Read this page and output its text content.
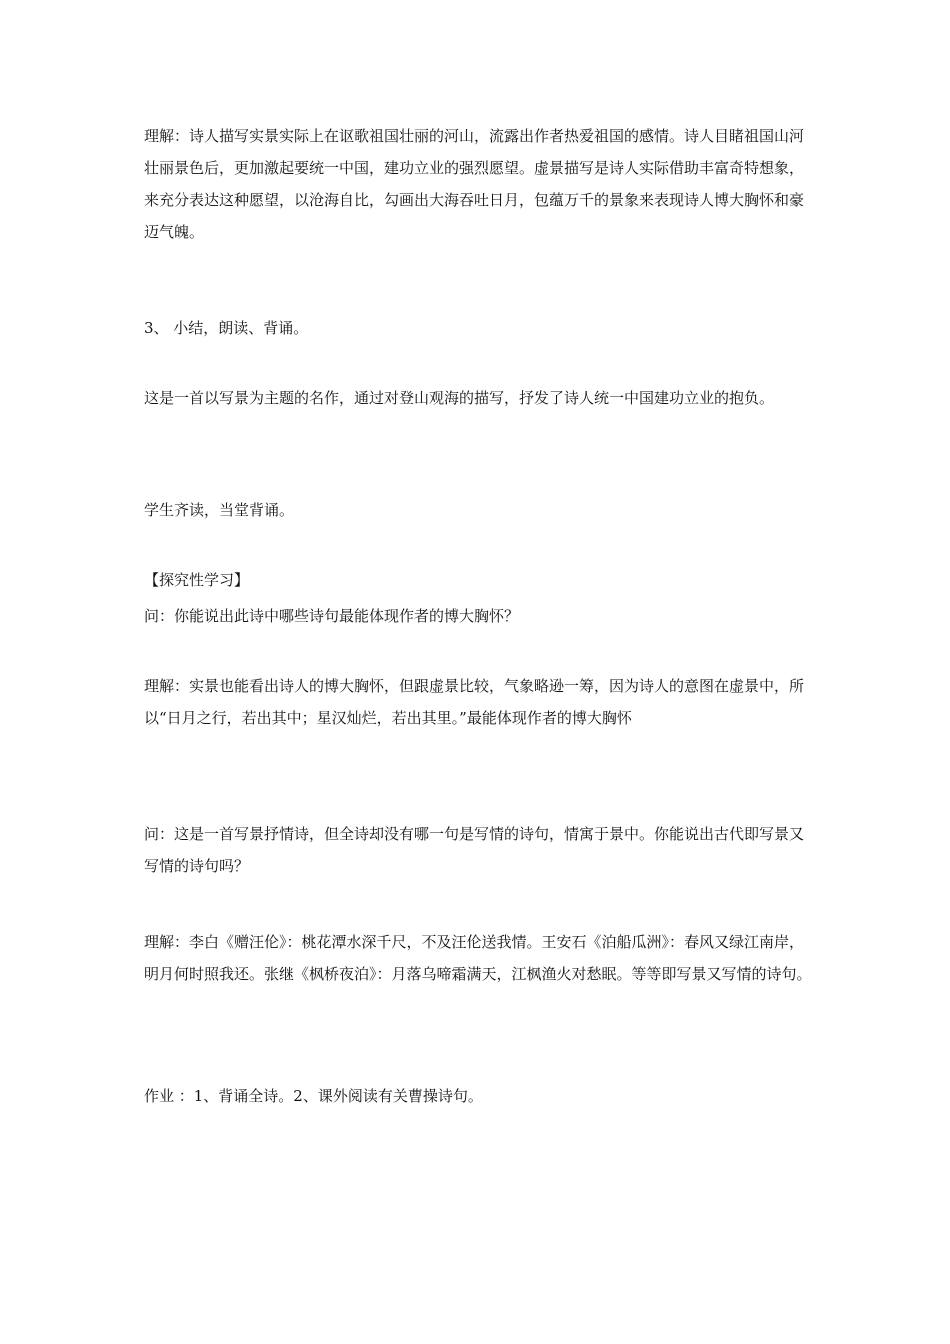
理解：诗人描写实景实际上在讴歌祖国壮丽的河山，流露出作者热爱祖国的感情。诗人目睹祖国山河壮丽景色后，更加激起要统一中国，建功立业的强烈愿望。虚景描写是诗人实际借助丰富奇特想象，来充分表达这种愿望，以沧海自比，勾画出大海吞吐日月，包蕴万千的景象来表现诗人博大胸怀和豪迈气魄。

3、 小结，朗读、背诵。

这是一首以写景为主题的名作，通过对登山观海的描写，抒发了诗人统一中国建功立业的抱负。

学生齐读，当堂背诵。

【探究性学习】

问：你能说出此诗中哪些诗句最能体现作者的博大胸怀？

理解：实景也能看出诗人的博大胸怀，但跟虚景比较，气象略逊一筹，因为诗人的意图在虚景中，所以“日月之行，若出其中；星汉灿烂，若出其里。”最能体现作者的博大胸怀

问：这是一首写景抒情诗，但全诗却没有哪一句是写情的诗句，情寓于景中。你能说出古代即写景又写情的诗句吗？

理解：李白《赠汪伦》：桃花潭水深千尺，不及汪伦送我情。王安石《泊船瓜洲》：春风又绿江南岸，明月何时照我还。张继《枫桥夜泊》：月落乌啼霜满天，江枫渔火对愁眠。等等即写景又写情的诗句。

作业 ：1、背诵全诗。2、课外阅读有关曹操诗句。
